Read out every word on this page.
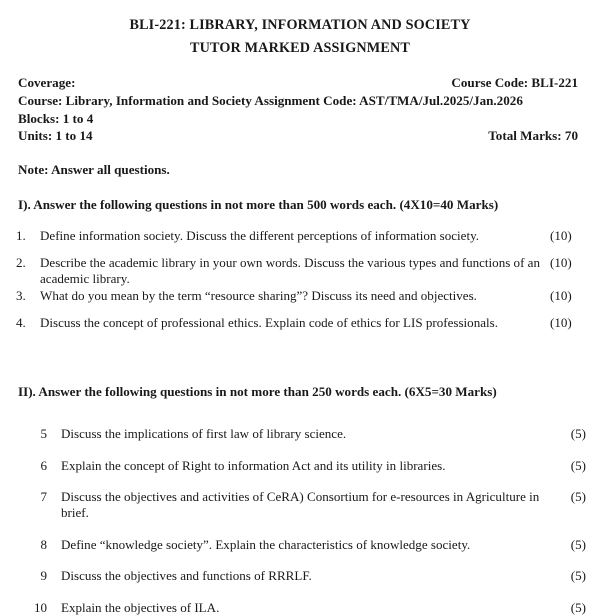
BLI-221: LIBRARY, INFORMATION AND SOCIETY
TUTOR MARKED ASSIGNMENT
Coverage:	Course Code: BLI-221
Course: Library, Information and Society Assignment Code: AST/TMA/Jul.2025/Jan.2026
Blocks: 1 to 4
Units: 1 to 14	Total Marks: 70
Note: Answer all questions.
I). Answer the following questions in not more than 500 words each. (4X10=40 Marks)
1.	Define information society. Discuss the different perceptions of information society.	(10)
2.	Describe the academic library in your own words. Discuss the various types and functions of an academic library.
(10)
3.	What do you mean by the term “resource sharing”? Discuss its need and objectives.	(10)
4.	Discuss the concept of professional ethics. Explain code of ethics for LIS professionals.	(10)
II). Answer the following questions in not more than 250 words each. (6X5=30 Marks)
5	Discuss the implications of first law of library science.	(5)
6	Explain the concept of Right to information Act and its utility in libraries.	(5)
7	Discuss the objectives and activities of CeRA) Consortium for e-resources in Agriculture in brief.
(5)
8	Define “knowledge society”. Explain the characteristics of knowledge society.	(5)
9	Discuss the objectives and functions of RRRLF.	(5)
10	Explain the objectives of ILA.	(5)
